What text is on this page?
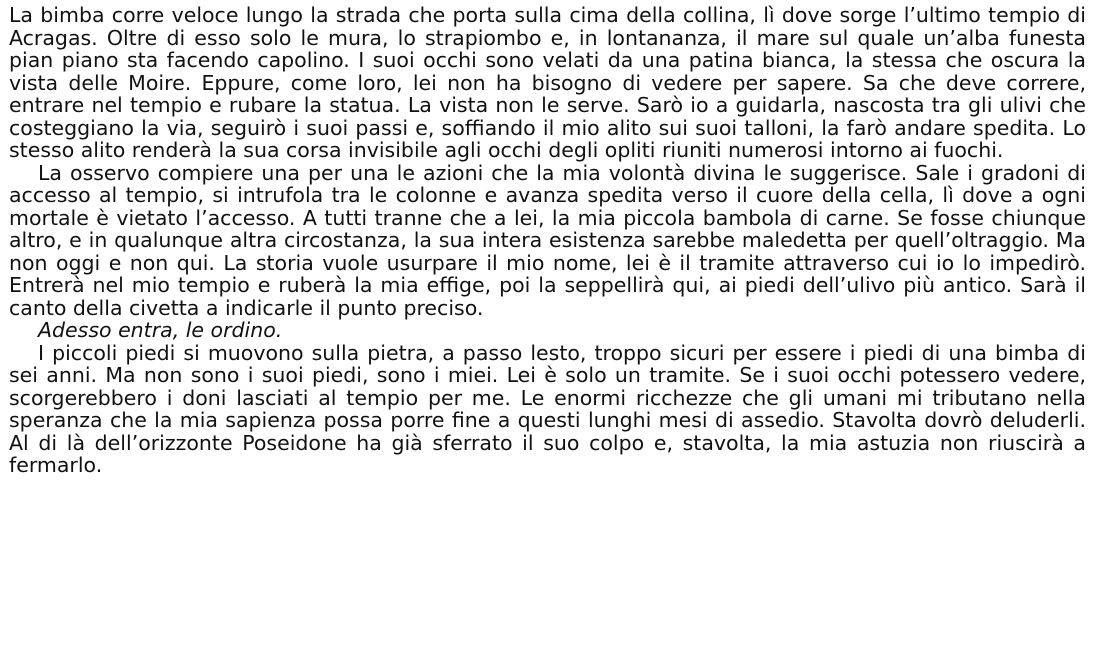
La bimba corre veloce lungo la strada che porta sulla cima della collina, lì dove sorge l’ultimo tempio di Acragas. Oltre di esso solo le mura, lo strapiombo e, in lontananza, il mare sul quale un’alba funesta pian piano sta facendo capolino. I suoi occhi sono velati da una patina bianca, la stessa che oscura la vista delle Moire. Eppure, come loro, lei non ha bisogno di vedere per sapere. Sa che deve correre, entrare nel tempio e rubare la statua. La vista non le serve. Sarò io a guidarla, nascosta tra gli ulivi che costeggiano la via, seguirò i suoi passi e, soffiando il mio alito sui suoi talloni, la farò andare spedita. Lo stesso alito renderà la sua corsa invisibile agli occhi degli opliti riuniti numerosi intorno ai fuochi.

La osservo compiere una per una le azioni che la mia volontà divina le suggerisce. Sale i gradoni di accesso al tempio, si intrufola tra le colonne e avanza spedita verso il cuore della cella, lì dove a ogni mortale è vietato l’accesso. A tutti tranne che a lei, la mia piccola bambola di carne. Se fosse chiunque altro, e in qualunque altra circostanza, la sua intera esistenza sarebbe maledetta per quell’oltraggio. Ma non oggi e non qui. La storia vuole usurpare il mio nome, lei è il tramite attraverso cui io lo impedirò. Entrerà nel mio tempio e ruberà la mia effige, poi la seppellirà qui, ai piedi dell’ulivo più antico. Sarà il canto della civetta a indicarle il punto preciso.

Adesso entra, le ordino.

I piccoli piedi si muovono sulla pietra, a passo lesto, troppo sicuri per essere i piedi di una bimba di sei anni. Ma non sono i suoi piedi, sono i miei. Lei è solo un tramite. Se i suoi occhi potessero vedere, scorgerebbero i doni lasciati al tempio per me. Le enormi ricchezze che gli umani mi tributano nella speranza che la mia sapienza possa porre fine a questi lunghi mesi di assedio. Stavolta dovrò deluderli. Al di là dell’orizzonte Poseidone ha già sferrato il suo colpo e, stavolta, la mia astuzia non riuscirà a fermarlo.
